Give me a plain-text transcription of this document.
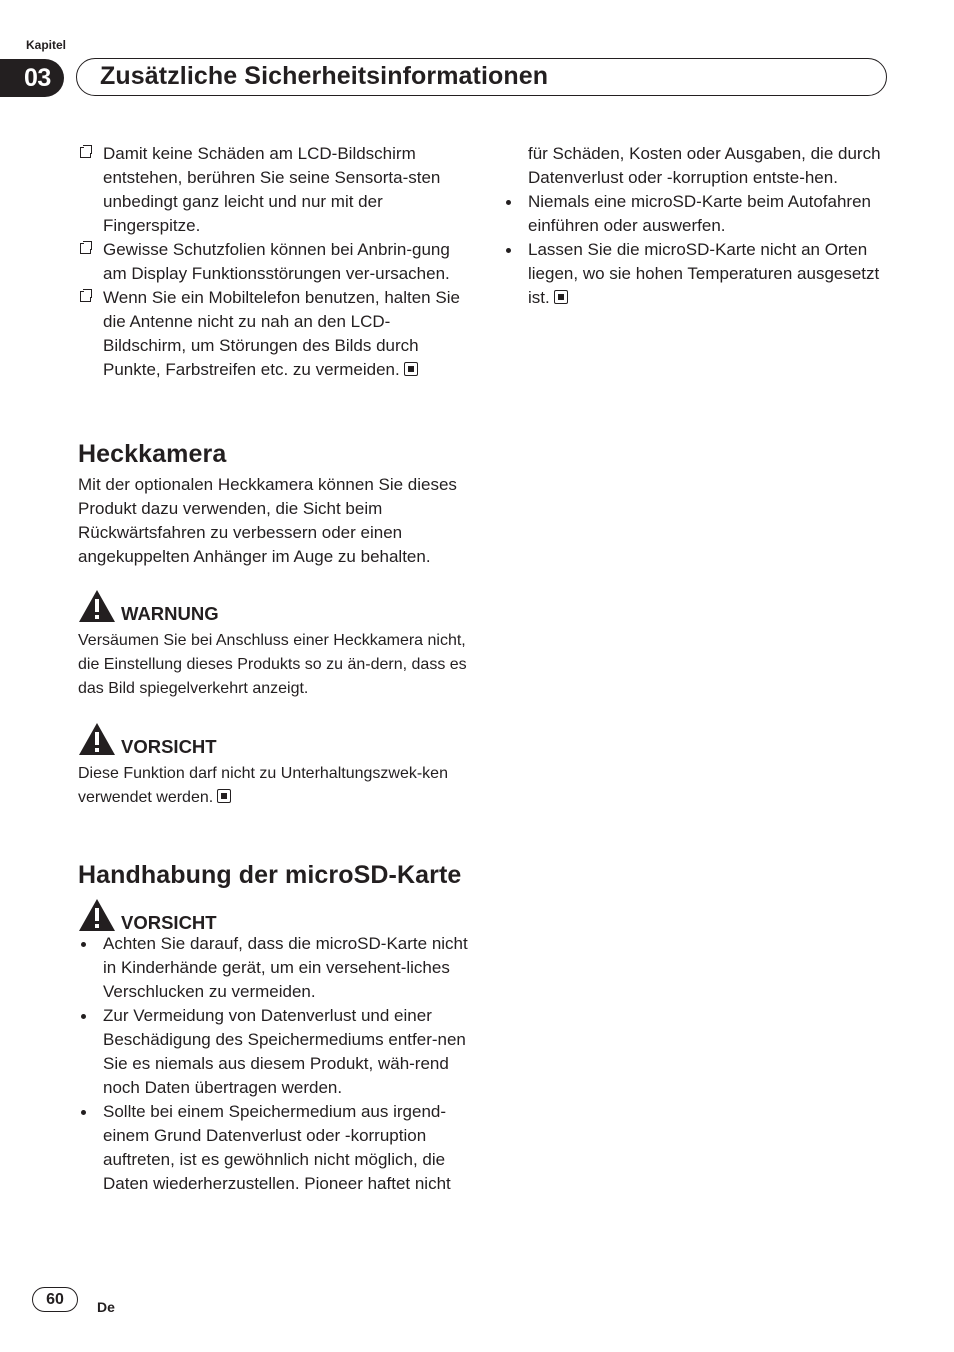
Kapitel
03	Zusätzliche Sicherheitsinformationen
Damit keine Schäden am LCD-Bildschirm entstehen, berühren Sie seine Sensorta-sten unbedingt ganz leicht und nur mit der Fingerspitze.
Gewisse Schutzfolien können bei Anbrin-gung am Display Funktionsstörungen ver-ursachen.
Wenn Sie ein Mobiltelefon benutzen, halten Sie die Antenne nicht zu nah an den LCD-Bildschirm, um Störungen des Bilds durch Punkte, Farbstreifen etc. zu vermeiden.
Heckkamera

Mit der optionalen Heckkamera können Sie dieses Produkt dazu verwenden, die Sicht beim Rückwärtsfahren zu verbessern oder einen angekuppelten Anhänger im Auge zu behalten.

WARNUNG

Versäumen Sie bei Anschluss einer Heckkamera nicht, die Einstellung dieses Produkts so zu än-dern, dass es das Bild spiegelverkehrt anzeigt.

VORSICHT

Diese Funktion darf nicht zu Unterhaltungszwek-ken verwendet werden.

Handhabung der microSD-Karte
VORSICHT
Achten Sie darauf, dass die microSD-Karte nicht in Kinderhände gerät, um ein versehent-liches Verschlucken zu vermeiden.
Zur Vermeidung von Datenverlust und einer Beschädigung des Speichermediums entfer-nen Sie es niemals aus diesem Produkt, wäh-rend noch Daten übertragen werden.
Sollte bei einem Speichermedium aus irgend-einem Grund Datenverlust oder -korruption auftreten, ist es gewöhnlich nicht möglich, die Daten wiederherzustellen. Pioneer haftet nicht
für Schäden, Kosten oder Ausgaben, die durch Datenverlust oder -korruption entste-hen.
Niemals eine microSD-Karte beim Autofahren einführen oder auswerfen.
Lassen Sie die microSD-Karte nicht an Orten liegen, wo sie hohen Temperaturen ausgesetzt ist.
60	De
